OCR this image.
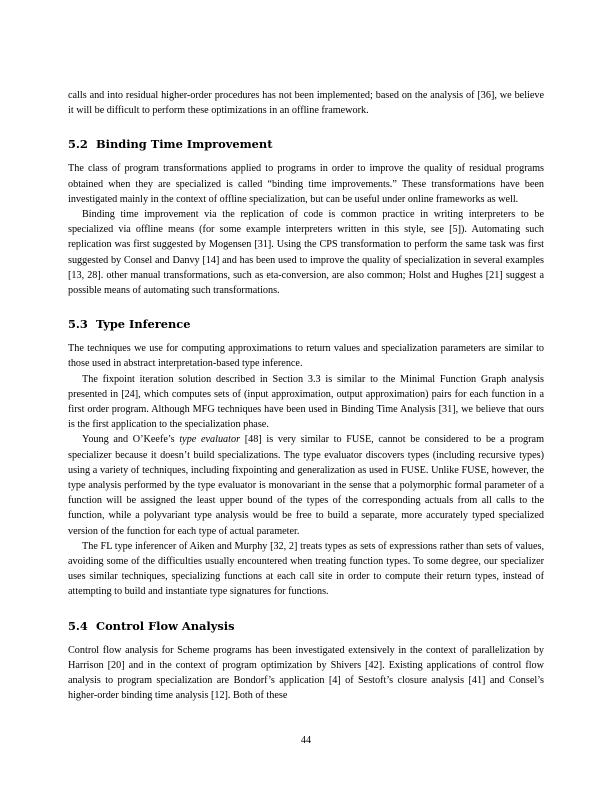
calls and into residual higher-order procedures has not been implemented; based on the analysis of [36], we believe it will be difficult to perform these optimizations in an offline framework.

5.2 Binding Time Improvement

The class of program transformations applied to programs in order to improve the quality of residual programs obtained when they are specialized is called “binding time improvements.” These transformations have been investigated mainly in the context of offline specialization, but can be useful under online frameworks as well.

Binding time improvement via the replication of code is common practice in writing interpreters to be specialized via offline means (for some example interpreters written in this style, see [5]). Automating such replication was first suggested by Mogensen [31]. Using the CPS transformation to perform the same task was first suggested by Consel and Danvy [14] and has been used to improve the quality of specialization in several examples [13, 28]. other manual transformations, such as eta-conversion, are also common; Holst and Hughes [21] suggest a possible means of automating such transformations.

5.3 Type Inference

The techniques we use for computing approximations to return values and specialization parameters are similar to those used in abstract interpretation-based type inference.

The fixpoint iteration solution described in Section 3.3 is similar to the Minimal Function Graph analysis presented in [24], which computes sets of (input approximation, output approximation) pairs for each function in a first order program. Although MFG techniques have been used in Binding Time Analysis [31], we believe that ours is the first application to the specialization phase.

Young and O’Keefe’s type evaluator [48] is very similar to FUSE, cannot be considered to be a program specializer because it doesn’t build specializations. The type evaluator discovers types (including recursive types) using a variety of techniques, including fixpointing and generalization as used in FUSE. Unlike FUSE, however, the type analysis performed by the type evaluator is monovariant in the sense that a polymorphic formal parameter of a function will be assigned the least upper bound of the types of the corresponding actuals from all calls to the function, while a polyvariant type analysis would be free to build a separate, more accurately typed specialized version of the function for each type of actual parameter.

The FL type inferencer of Aiken and Murphy [32, 2] treats types as sets of expressions rather than sets of values, avoiding some of the difficulties usually encountered when treating function types. To some degree, our specializer uses similar techniques, specializing functions at each call site in order to compute their return types, instead of attempting to build and instantiate type signatures for functions.

5.4 Control Flow Analysis

Control flow analysis for Scheme programs has been investigated extensively in the context of parallelization by Harrison [20] and in the context of program optimization by Shivers [42]. Existing applications of control flow analysis to program specialization are Bondorf’s application [4] of Sestoft’s closure analysis [41] and Consel’s higher-order binding time analysis [12]. Both of these

44
